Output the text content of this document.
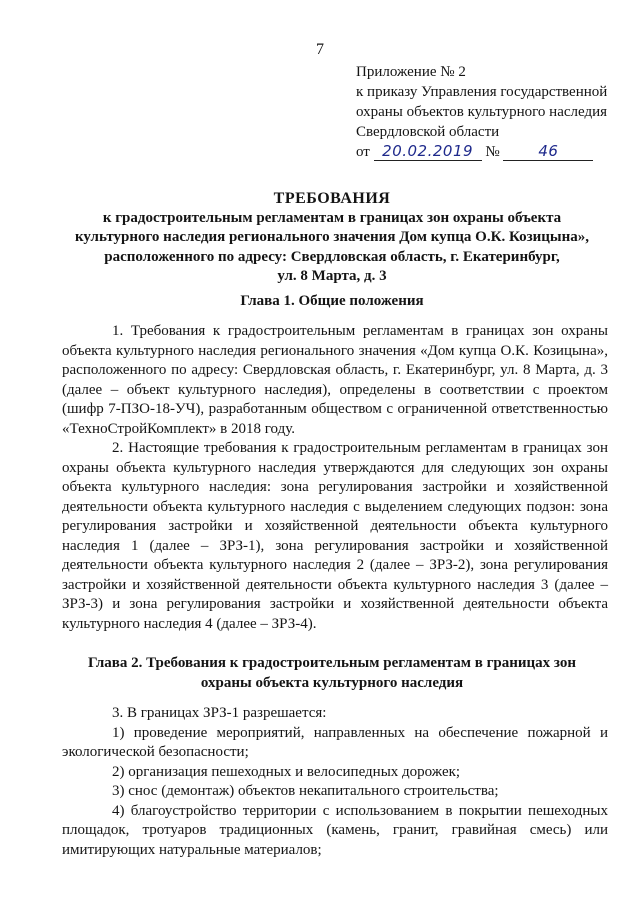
7
Приложение № 2
к приказу Управления государственной
охраны объектов культурного наследия
Свердловской области
от 20.02.2019 №	46
ТРЕБОВАНИЯ
к градостроительным регламентам в границах зон охраны объекта
культурного наследия регионального значения Дом купца О.К. Козицына»,
расположенного по адресу: Свердловская область, г. Екатеринбург,
ул. 8 Марта, д. 3
Глава 1. Общие положения

1. Требования к градостроительным регламентам в границах зон охраны объекта культурного наследия регионального значения «Дом купца О.К. Козицына», расположенного по адресу: Свердловская область, г. Екатеринбург, ул. 8 Марта, д. 3 (далее – объект культурного наследия), определены в соответствии с проектом (шифр 7-ПЗО-18-УЧ), разработанным обществом с ограниченной ответственностью «ТехноСтройКомплект» в 2018 году.

2. Настоящие требования к градостроительным регламентам в границах зон охраны объекта культурного наследия утверждаются для следующих зон охраны объекта культурного наследия: зона регулирования застройки и хозяйственной деятельности объекта культурного наследия с выделением следующих подзон: зона регулирования застройки и хозяйственной деятельности объекта культурного наследия 1 (далее – ЗРЗ-1), зона регулирования застройки и хозяйственной деятельности объекта культурного наследия 2 (далее – ЗРЗ-2), зона регулирования застройки и хозяйственной деятельности объекта культурного наследия 3 (далее – ЗРЗ-3) и зона регулирования застройки и хозяйственной деятельности объекта культурного наследия 4 (далее – ЗРЗ-4).

Глава 2. Требования к градостроительным регламентам в границах зон
охраны объекта культурного наследия

3. В границах ЗРЗ-1 разрешается:

1) проведение мероприятий, направленных на обеспечение пожарной и экологической безопасности;

2) организация пешеходных и велосипедных дорожек;

3) снос (демонтаж) объектов некапитального строительства;

4) благоустройство территории с использованием в покрытии пешеходных площадок, тротуаров традиционных (камень, гранит, гравийная смесь) или имитирующих натуральные материалов;
